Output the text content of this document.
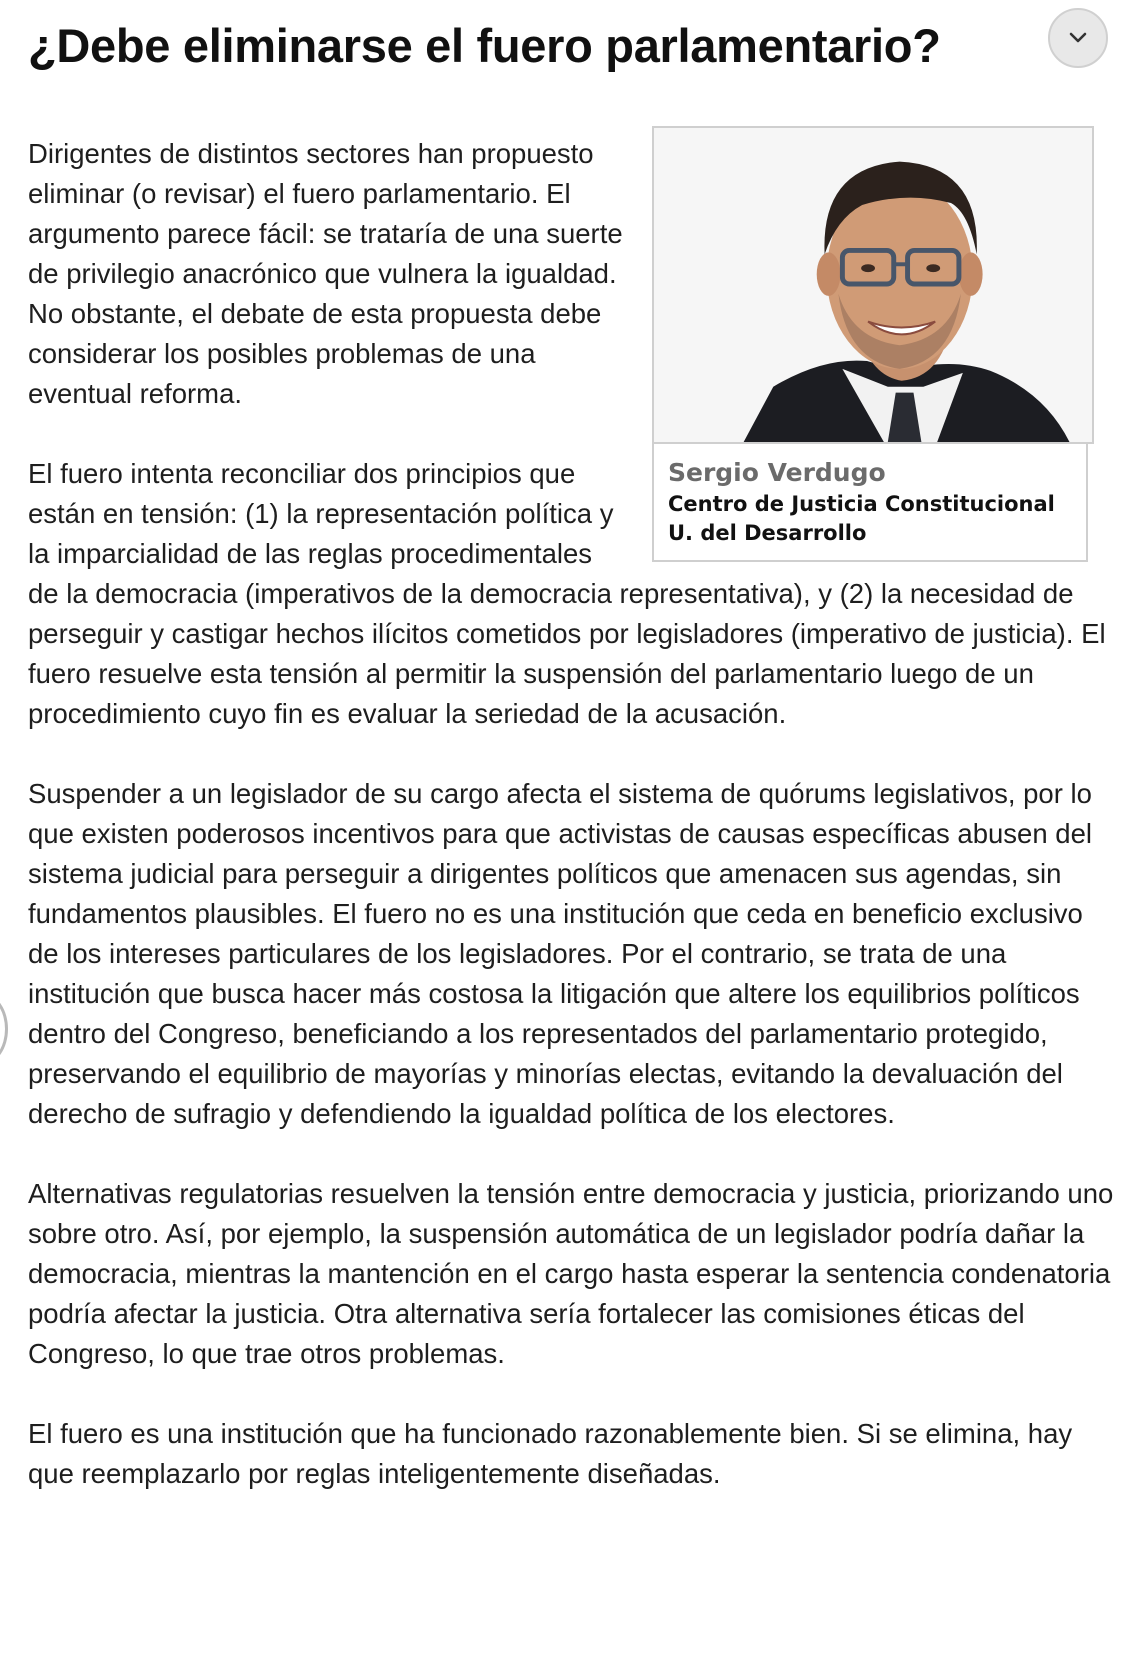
¿Debe eliminarse el fuero parlamentario?
Sergio Verdugo
Centro de Justicia Constitucional
U. del Desarrollo

Dirigentes de distintos sectores han propuesto eliminar (o revisar) el fuero parlamentario. El argumento parece fácil: se trataría de una suerte de privilegio anacrónico que vulnera la igualdad. No obstante, el debate de esta propuesta debe considerar los posibles problemas de una eventual reforma.

El fuero intenta reconciliar dos principios que están en tensión: (1) la representación política y la imparcialidad de las reglas procedimentales de la democracia (imperativos de la democracia representativa), y (2) la necesidad de perseguir y castigar hechos ilícitos cometidos por legisladores (imperativo de justicia). El fuero resuelve esta tensión al permitir la suspensión del parlamentario luego de un procedimiento cuyo fin es evaluar la seriedad de la acusación.

Suspender a un legislador de su cargo afecta el sistema de quórums legislativos, por lo que existen poderosos incentivos para que activistas de causas específicas abusen del sistema judicial para perseguir a dirigentes políticos que amenacen sus agendas, sin fundamentos plausibles. El fuero no es una institución que ceda en beneficio exclusivo de los intereses particulares de los legisladores. Por el contrario, se trata de una institución que busca hacer más costosa la litigación que altere los equilibrios políticos dentro del Congreso, beneficiando a los representados del parlamentario protegido, preservando el equilibrio de mayorías y minorías electas, evitando la devaluación del derecho de sufragio y defendiendo la igualdad política de los electores.

Alternativas regulatorias resuelven la tensión entre democracia y justicia, priorizando uno sobre otro. Así, por ejemplo, la suspensión automática de un legislador podría dañar la democracia, mientras la mantención en el cargo hasta esperar la sentencia condenatoria podría afectar la justicia. Otra alternativa sería fortalecer las comisiones éticas del Congreso, lo que trae otros problemas.

El fuero es una institución que ha funcionado razonablemente bien. Si se elimina, hay que reemplazarlo por reglas inteligentemente diseñadas.
